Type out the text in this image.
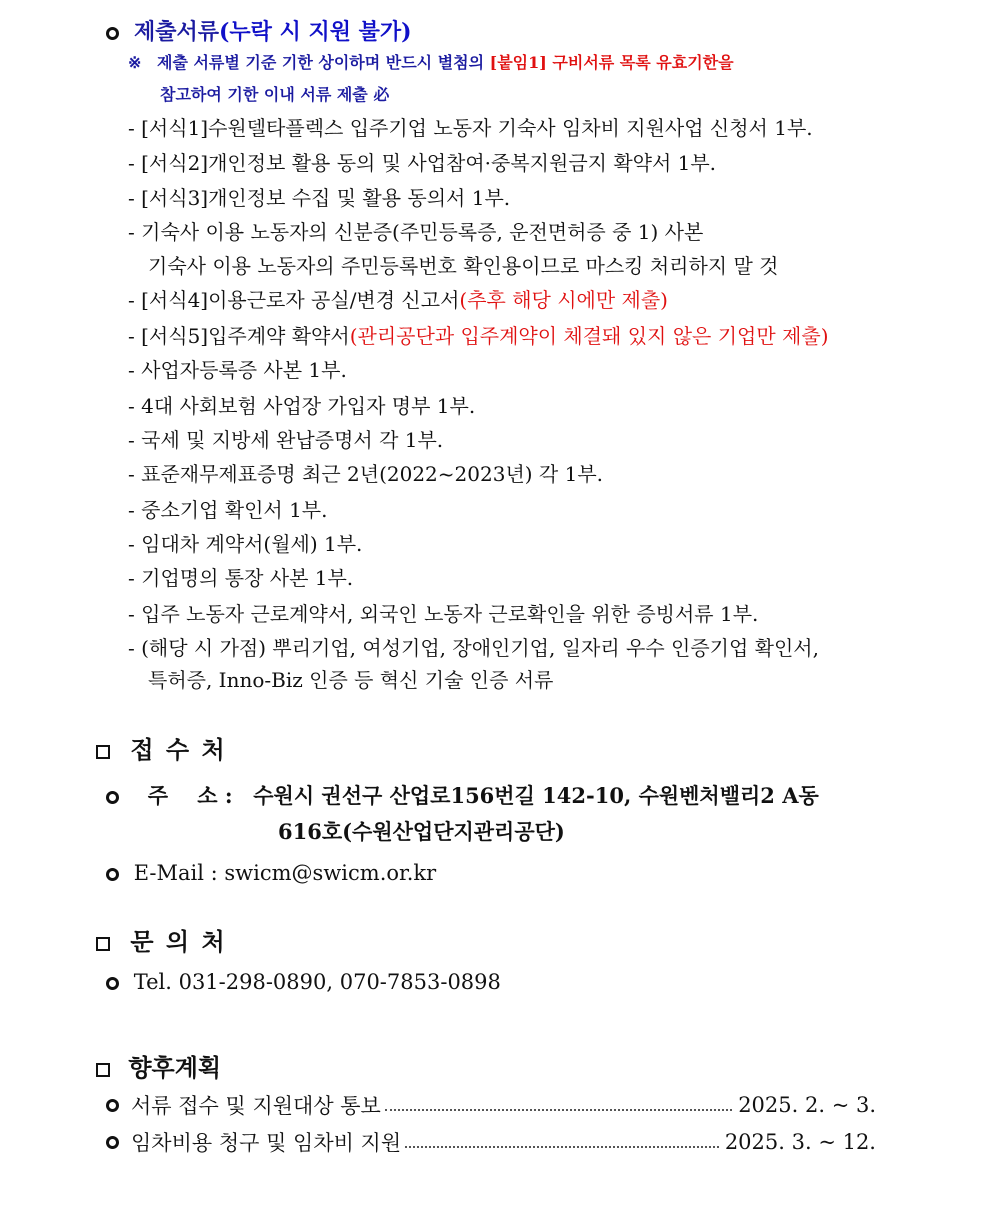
제출서류(누락 시 지원 불가)
※ 제출 서류별 기준 기한 상이하며 반드시 별첨의 [붙임1] 구비서류 목록 유효기한을
참고하여 기한 이내 서류 제출 必
- [서식1]수원델타플렉스 입주기업 노동자 기숙사 임차비 지원사업 신청서 1부.
- [서식2]개인정보 활용 동의 및 사업참여·중복지원금지 확약서 1부.
- [서식3]개인정보 수집 및 활용 동의서 1부.
- 기숙사 이용 노동자의 신분증(주민등록증, 운전면허증 중 1) 사본
기숙사 이용 노동자의 주민등록번호 확인용이므로 마스킹 처리하지 말 것
- [서식4]이용근로자 공실/변경 신고서(추후 해당 시에만 제출)
- [서식5]입주계약 확약서(관리공단과 입주계약이 체결돼 있지 않은 기업만 제출)
- 사업자등록증 사본 1부.
- 4대 사회보험 사업장 가입자 명부 1부.
- 국세 및 지방세 완납증명서 각 1부.
- 표준재무제표증명 최근 2년(2022~2023년) 각 1부.
- 중소기업 확인서 1부.
- 임대차 계약서(월세) 1부.
- 기업명의 통장 사본 1부.
- 입주 노동자 근로계약서, 외국인 노동자 근로확인을 위한 증빙서류 1부.
- (해당 시 가점) 뿌리기업, 여성기업, 장애인기업, 일자리 우수 인증기업 확인서,
특허증, Inno-Biz 인증 등 혁신 기술 인증 서류
접 수 처
주    소 : 수원시 권선구 산업로156번길 142-10, 수원벤처밸리2 A동
616호(수원산업단지관리공단)
E-Mail : swicm@swicm.or.kr
문 의 처
Tel. 031-298-0890, 070-7853-0898
향후계획
서류 접수 및 지원대상 통보	2025. 2. ~ 3.
임차비용 청구 및 임차비 지원	2025. 3. ~ 12.
